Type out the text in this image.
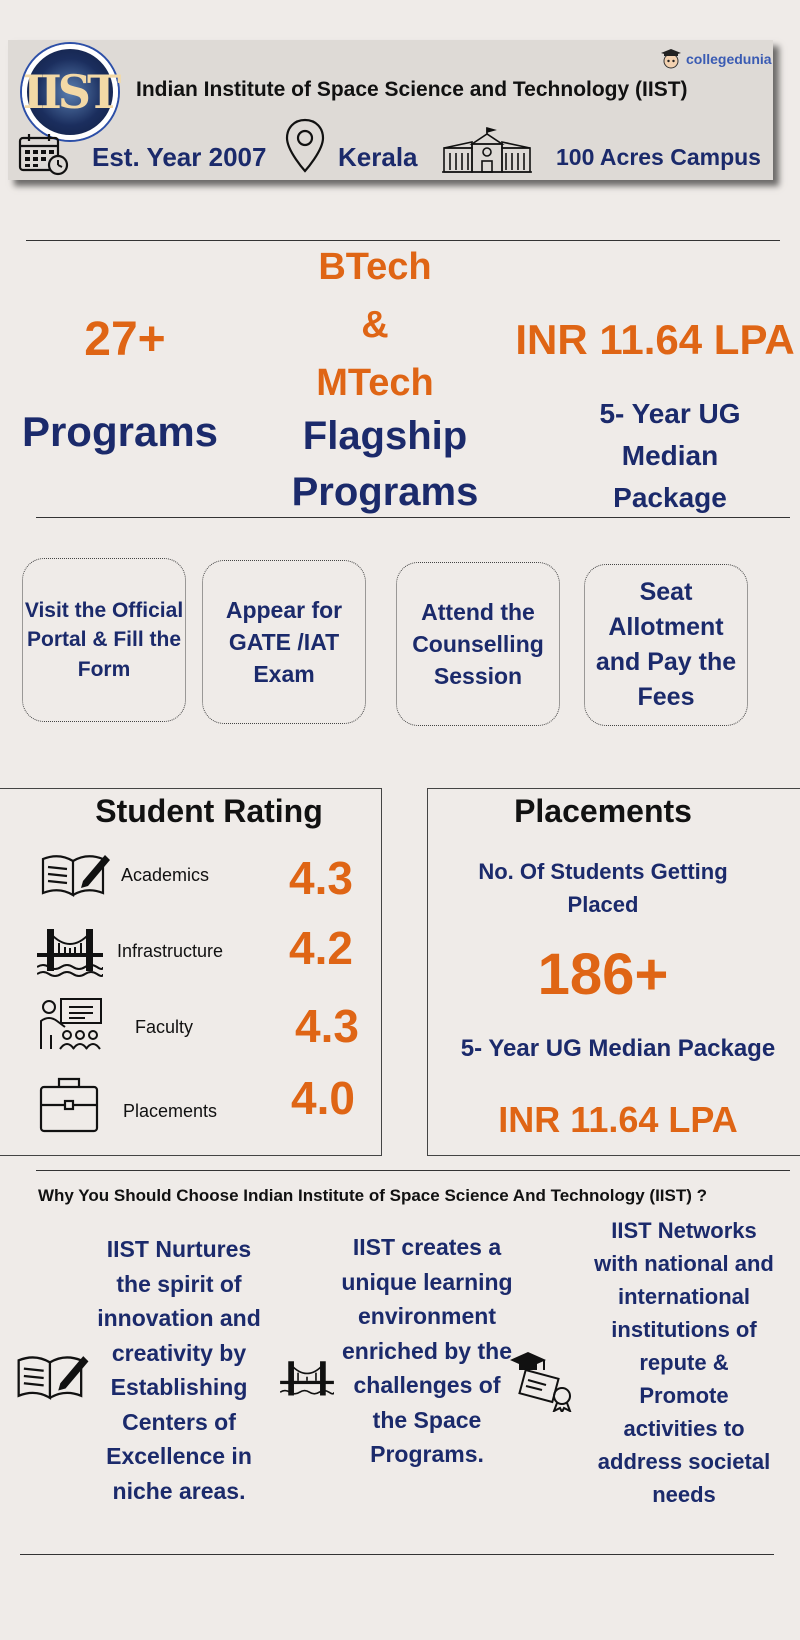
IIST Indian Institute of Space Science and Technology (IIST)
collegedunia
Est. Year 2007	Kerala	100 Acres Campus
27+
Programs
BTech
&
MTech
Flagship
Programs
INR 11.64 LPA
5- Year UG
Median
Package
Visit the Official Portal & Fill the Form
Appear for GATE /IAT Exam
Attend the Counselling Session
Seat Allotment and Pay the Fees
Student Rating
Academics 4.3
Infrastructure 4.2
Faculty 4.3
Placements 4.0
Placements
No. Of Students Getting Placed
186+
5- Year UG Median Package
INR 11.64 LPA
Why You Should Choose Indian Institute of Space Science And Technology (IIST) ?
IIST Nurtures the spirit of innovation and creativity by Establishing Centers of Excellence in niche areas.
IIST creates a unique learning environment enriched by the challenges of the Space Programs.
IIST Networks with national and international institutions of repute & Promote activities to address societal needs
